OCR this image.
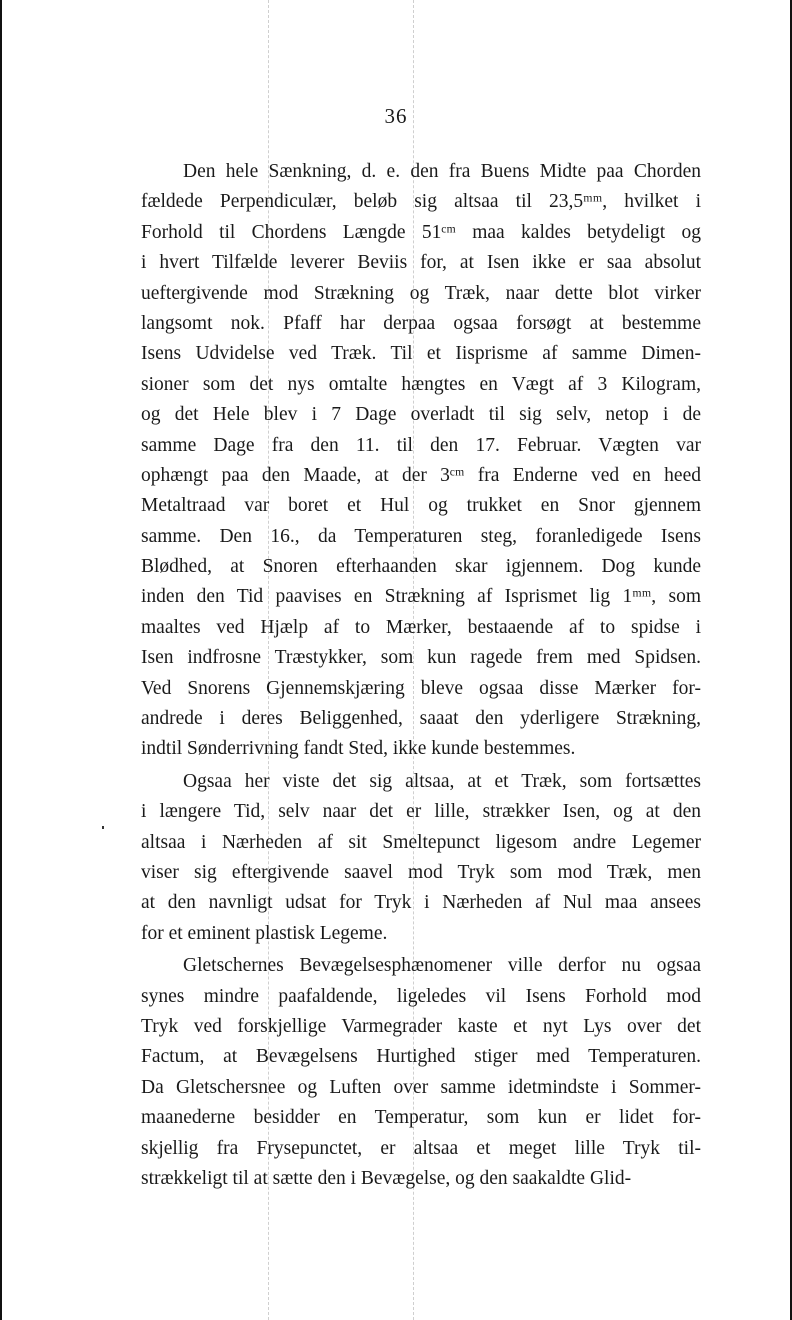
36
Den hele Sænkning, d. e. den fra Buens Midte paa Chorden
fældede Perpendiculær, beløb sig altsaa til 23,5ᵐᵐ, hvilket i
Forhold til Chordens Længde 51ᶜᵐ maa kaldes betydeligt og
i hvert Tilfælde leverer Beviis for, at Isen ikke er saa absolut
ueftergivende mod Strækning og Træk, naar dette blot virker
langsomt nok. Pfaff har derpaa ogsaa forsøgt at bestemme
Isens Udvidelse ved Træk. Til et Iisprisme af samme Dimen-
sioner som det nys omtalte hængtes en Vægt af 3 Kilogram,
og det Hele blev i 7 Dage overladt til sig selv, netop i de
samme Dage fra den 11. til den 17. Februar. Vægten var
ophængt paa den Maade, at der 3ᶜᵐ fra Enderne ved en heed
Metaltraad var boret et Hul og trukket en Snor gjennem
samme. Den 16., da Temperaturen steg, foranledigede Isens
Blødhed, at Snoren efterhaanden skar igjennem. Dog kunde
inden den Tid paavises en Strækning af Isprismet lig 1ᵐᵐ, som
maaltes ved Hjælp af to Mærker, bestaaende af to spidse i
Isen indfrosne Træstykker, som kun ragede frem med Spidsen.
Ved Snorens Gjennemskjæring bleve ogsaa disse Mærker for-
andrede i deres Beliggenhed, saaat den yderligere Strækning,
indtil Sønderrivning fandt Sted, ikke kunde bestemmes.
Ogsaa her viste det sig altsaa, at et Træk, som fortsættes
i længere Tid, selv naar det er lille, strækker Isen, og at den
altsaa i Nærheden af sit Smeltepunct ligesom andre Legemer
viser sig eftergivende saavel mod Tryk som mod Træk, men
at den navnligt udsat for Tryk i Nærheden af Nul maa ansees
for et eminent plastisk Legeme.
Gletschernes Bevægelsesphænomener ville derfor nu ogsaa
synes mindre paafaldende, ligeledes vil Isens Forhold mod
Tryk ved forskjellige Varmegrader kaste et nyt Lys over det
Factum, at Bevægelsens Hurtighed stiger med Temperaturen.
Da Gletschersnee og Luften over samme idetmindste i Sommer-
maanederne besidder en Temperatur, som kun er lidet for-
skjellig fra Frysepunctet, er altsaa et meget lille Tryk til-
strækkeligt til at sætte den i Bevægelse, og den saakaldte Glid-
